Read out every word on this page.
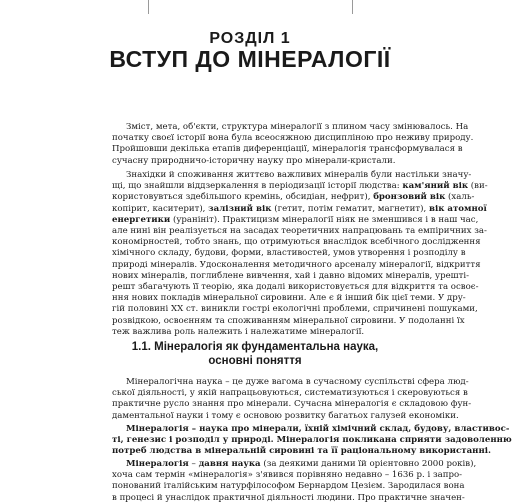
РОЗДІЛ 1
ВСТУП ДО МІНЕРАЛОГІЇ
Зміст, мета, об'єкти, структура мінералогії з плином часу змінювалось. На
початку своєї історії вона була всеосяжною дисципліною про неживу природу.
Пройшовши декілька етапів диференціації, мінералогія трансформувалася в
сучасну природничо-історичну науку про мінерали-кристали.
Знахідки й споживання життєво важливих мінералів були настільки значу-
щі, що знайшли віддзеркалення в періодизації історії людства: кам'яний вік (ви-
користовувться здебільшого кремінь, обсидіан, нефрит), бронзовий вік (халь-
копірит, каситерит), залізний вік (гетит, потім гематит, магнетит), вік атомної
енергетики (уранініт). Практицизм мінералогії ніяк не зменшився і в наш час,
але нині він реалізується на засадах теоретичних напрацювань та емпіричних за-
кономірностей, тобто знань, що отримуються внаслідок всебічного дослідження
хімічного складу, будови, форми, властивостей, умов утворення і розподілу в
природі мінералів. Удосконалення методичного арсеналу мінералогії, відкриття
нових мінералів, поглиблене вивчення, хай і давно відомих мінералів, урешті-
решт збагачують її теорію, яка додалі використовується для відкриття та освоє-
ння нових покладів мінеральної сировини. Але є й інший бік цієї теми. У дру-
гій половині XX ст. виникли гострі екологічні проблеми, спричинені пошуками,
розвідкою, освоєнням та споживанням мінеральної сировини. У подоланні їх
теж важлива роль належить і належатиме мінералогії.
1.1. Мінералогія як фундаментальна наука,
основні поняття
Мінералогічна наука – це дуже вагома в сучасному суспільстві сфера люд-
ської діяльності, у якій напрацьовуються, систематизуються і скеровуються в
практичне русло знання про мінерали. Сучасна мінералогія є складовою фун-
даментальної науки і тому є основою розвитку багатьох галузей економіки.
Мінералогія – наука про мінерали, їхній хімічний склад, будову, властивос-
ті, генезис і розподіл у природі. Мінералогія покликана сприяти задоволенню
потреб людства в мінеральній сировині та її раціональному використанні.
Мінералогія – давня наука (за деякими даними їй орієнтовно 2000 років),
хоча сам термін «мінералогія» з'явився порівняно недавно – 1636 р. і запро-
понований італійським натурфілософом Бернардом Цезієм. Зародилася вона
в процесі й унаслідок практичної діяльності людини. Про практичне значен-
